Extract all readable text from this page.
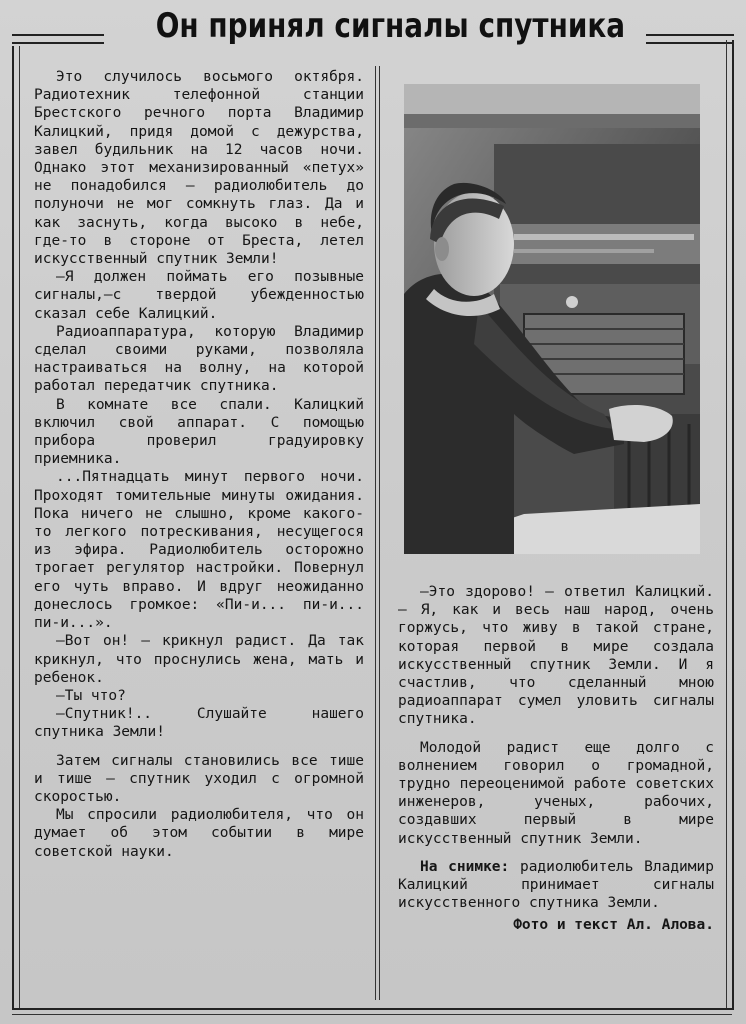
Он принял сигналы спутника

Это случилось восьмого октября. Радиотехник телефонной станции Брестского речного порта Владимир Калицкий, придя домой с дежурства, завел будильник на 12 часов ночи. Однако этот механизированный «петух» не понадобился — радиолюбитель до полуночи не мог сомкнуть глаз. Да и как заснуть, когда высоко в небе, где-то в стороне от Бреста, летел искусственный спутник Земли!

—Я должен поймать его позывные сигналы,—с твердой убежденностью сказал себе Калицкий.

Радиоаппаратура, которую Владимир сделал своими руками, позволяла настраиваться на волну, на которой работал передатчик спутника.

В комнате все спали. Калицкий включил свой аппарат. С помощью прибора проверил градуировку приемника.

...Пятнадцать минут первого ночи. Проходят томительные минуты ожидания. Пока ничего не слышно, кроме какого-то легкого потрескивания, несущегося из эфира. Радиолюбитель осторожно трогает регулятор настройки. Повернул его чуть вправо. И вдруг неожиданно донеслось громкое: «Пи-и... пи-и... пи-и...».

—Вот он! — крикнул радист. Да так крикнул, что проснулись жена, мать и ребенок.

—Ты что?

—Спутник!.. Слушайте нашего спутника Земли!

Затем сигналы становились все тише и тише — спутник уходил с огромной скоростью.

Мы спросили радиолюбителя, что он думает об этом событии в мире советской науки.

—Это здорово! — ответил Калицкий. — Я, как и весь наш народ, очень горжусь, что живу в такой стране, которая первой в мире создала искусственный спутник Земли. И я счастлив, что сделанный мною радиоаппарат сумел уловить сигналы спутника.

Молодой радист еще долго с волнением говорил о громадной, трудно переоценимой работе советских инженеров, ученых, рабочих, создавших первый в мире искусственный спутник Земли.

На снимке: радиолюбитель Владимир Калицкий принимает сигналы искусственного спутника Земли.

Фото и текст Ал. Алова.
